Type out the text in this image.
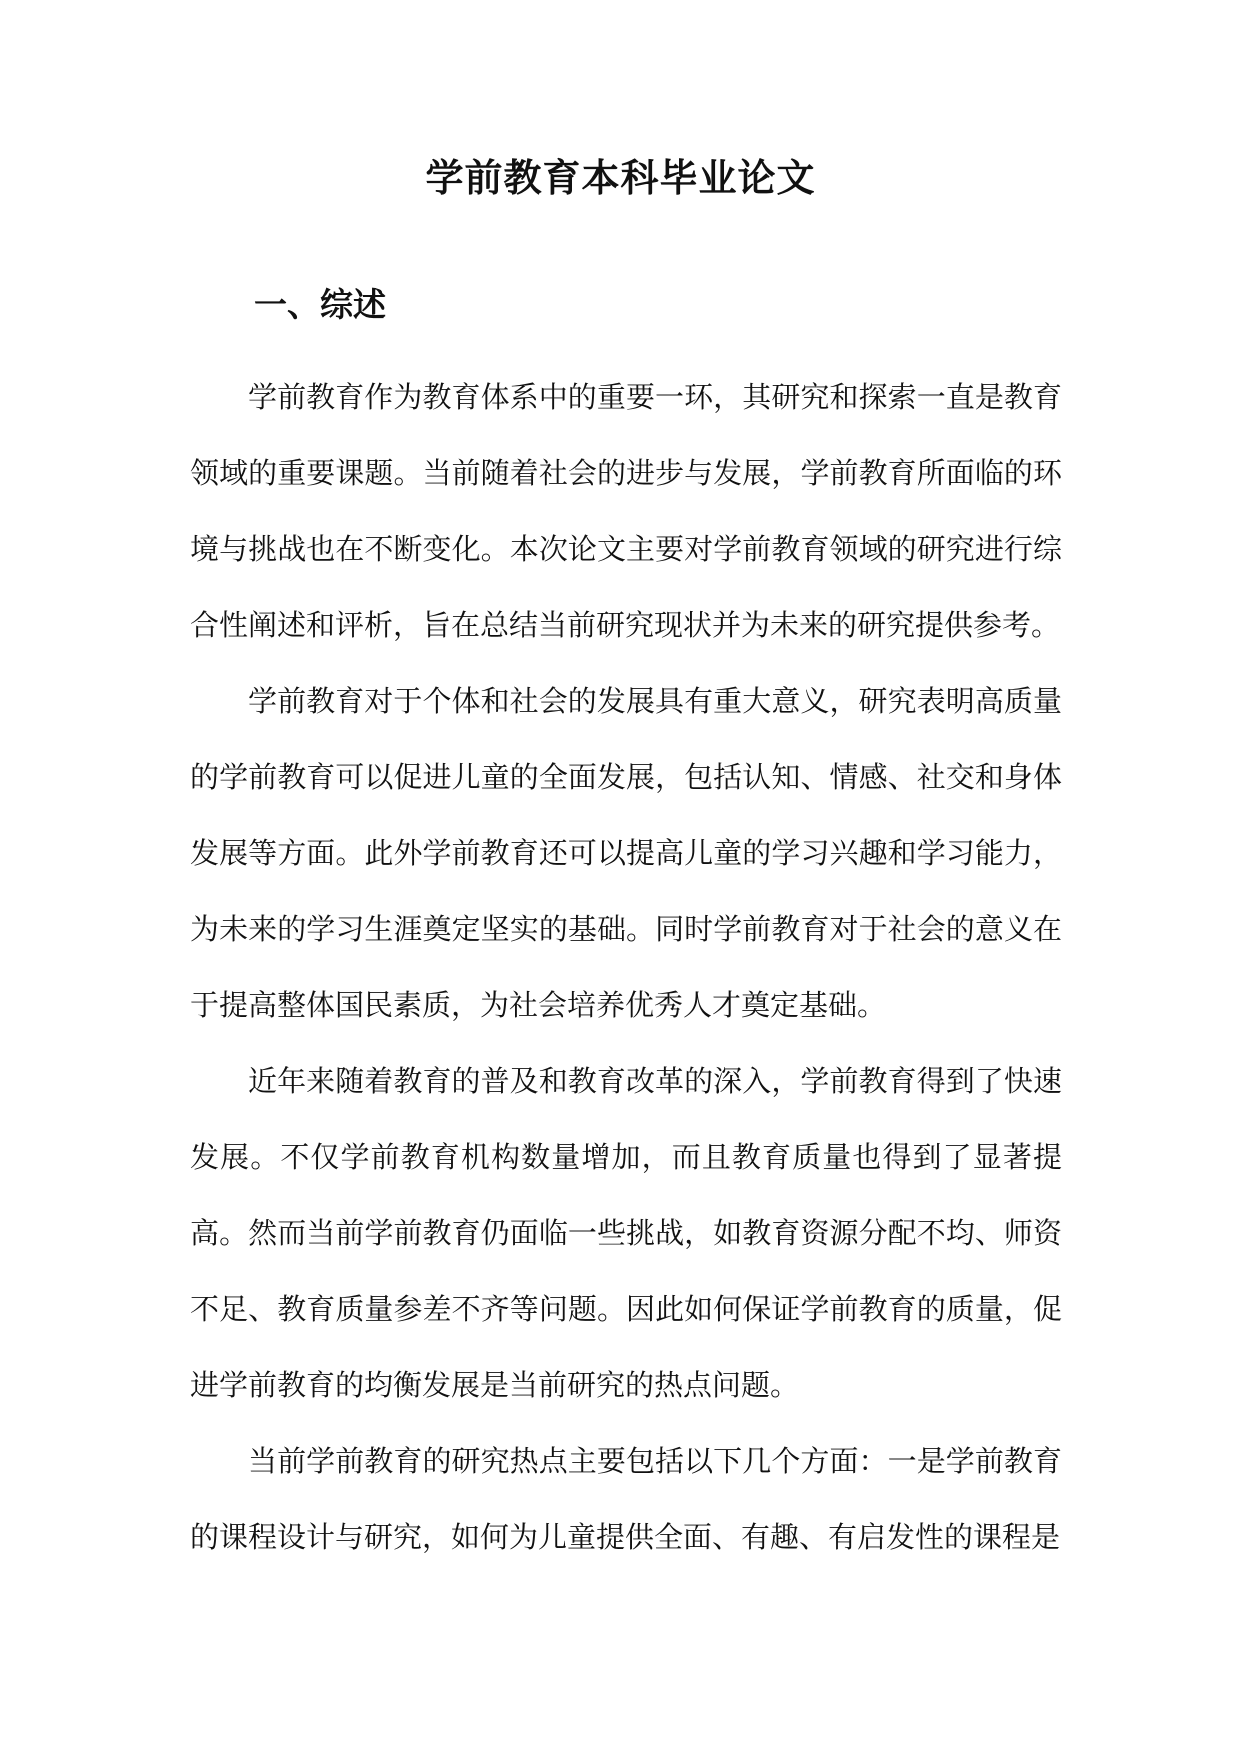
学前教育本科毕业论文
一、综述

学前教育作为教育体系中的重要一环，其研究和探索一直是教育领域的重要课题。当前随着社会的进步与发展，学前教育所面临的环境与挑战也在不断变化。本次论文主要对学前教育领域的研究进行综合性阐述和评析，旨在总结当前研究现状并为未来的研究提供参考。

学前教育对于个体和社会的发展具有重大意义，研究表明高质量的学前教育可以促进儿童的全面发展，包括认知、情感、社交和身体发展等方面。此外学前教育还可以提高儿童的学习兴趣和学习能力，为未来的学习生涯奠定坚实的基础。同时学前教育对于社会的意义在于提高整体国民素质，为社会培养优秀人才奠定基础。

近年来随着教育的普及和教育改革的深入，学前教育得到了快速发展。不仅学前教育机构数量增加，而且教育质量也得到了显著提高。然而当前学前教育仍面临一些挑战，如教育资源分配不均、师资不足、教育质量参差不齐等问题。因此如何保证学前教育的质量，促进学前教育的均衡发展是当前研究的热点问题。

当前学前教育的研究热点主要包括以下几个方面：一是学前教育的课程设计与研究，如何为儿童提供全面、有趣、有启发性的课程是
